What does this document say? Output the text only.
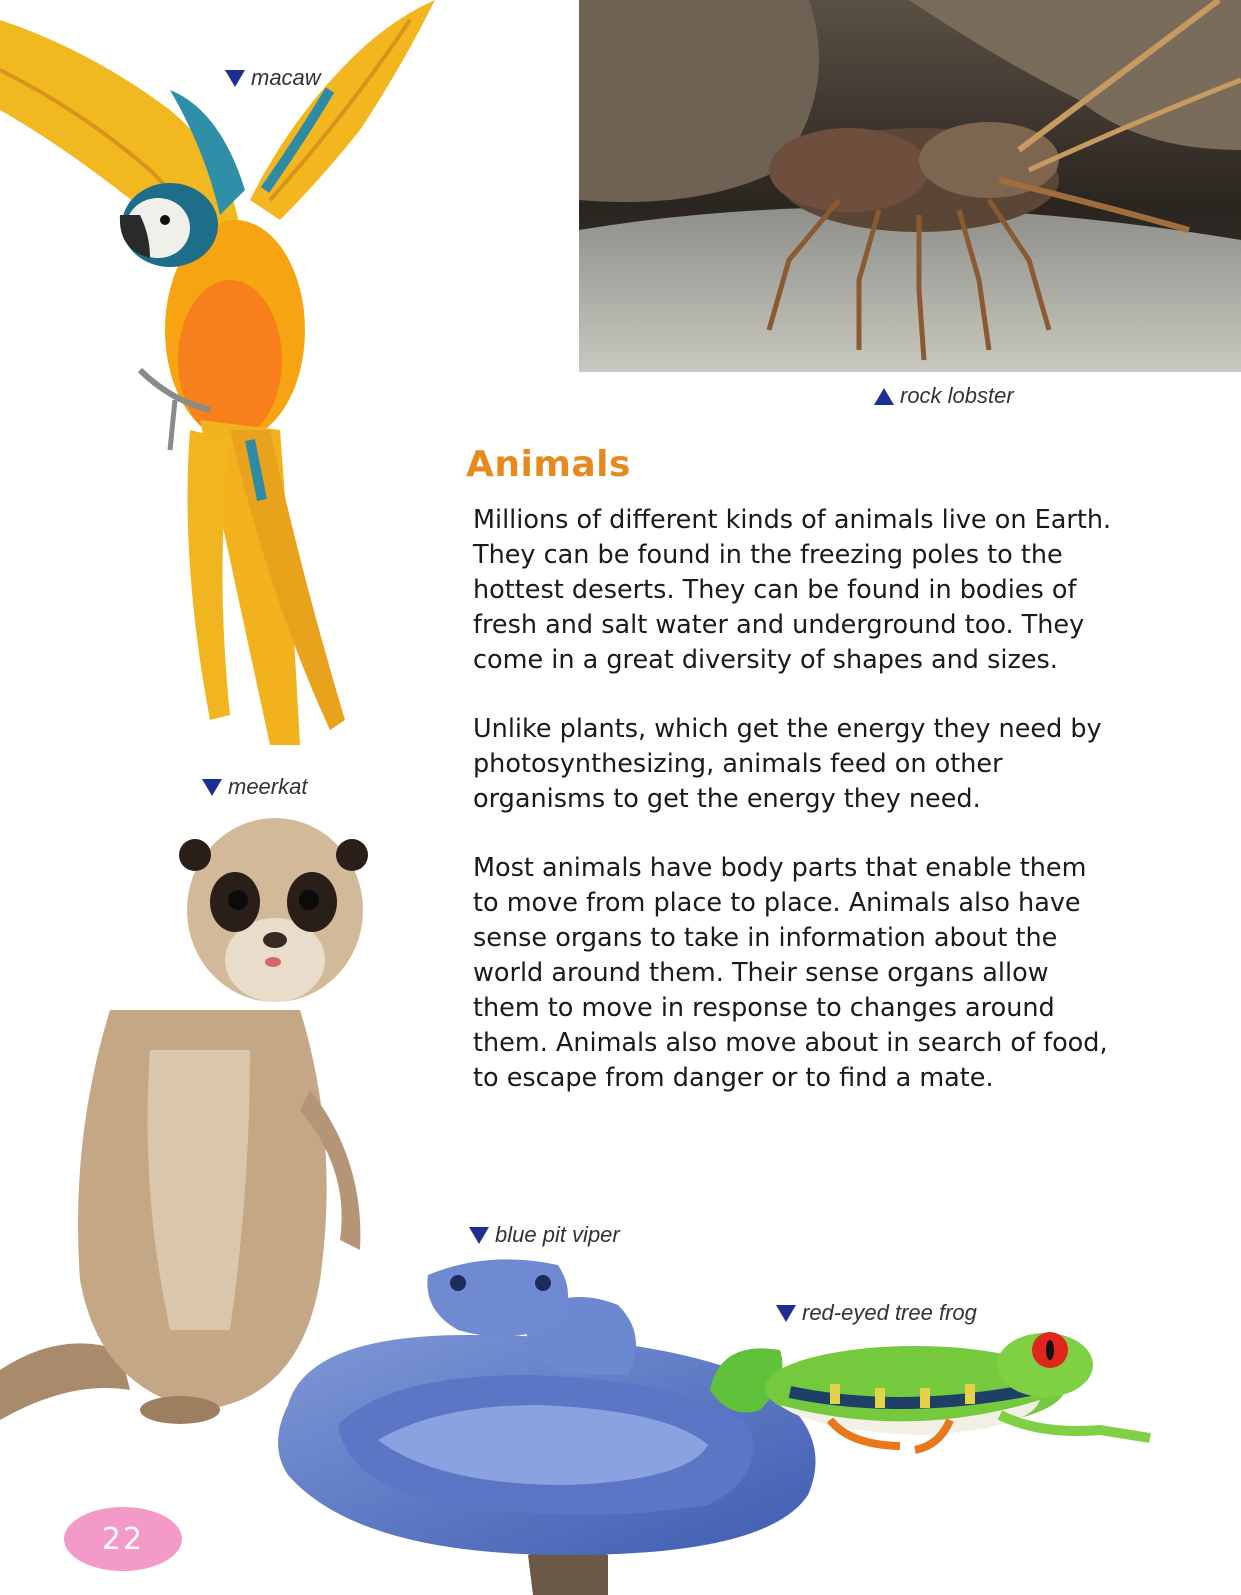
rock lobster
macaw
meerkat
Animals

Millions of different kinds of animals live on Earth. They can be found in the freezing poles to the hottest deserts. They can be found in bodies of fresh and salt water and underground too. They come in a great diversity of shapes and sizes.

Unlike plants, which get the energy they need by photosynthesizing, animals feed on other organisms to get the energy they need.

Most animals have body parts that enable them to move from place to place. Animals also have sense organs to take in information about the world around them. Their sense organs allow them to move in response to changes around them. Animals also move about in search of food, to escape from danger or to find a mate.

blue pit viper
red-eyed tree frog
22
